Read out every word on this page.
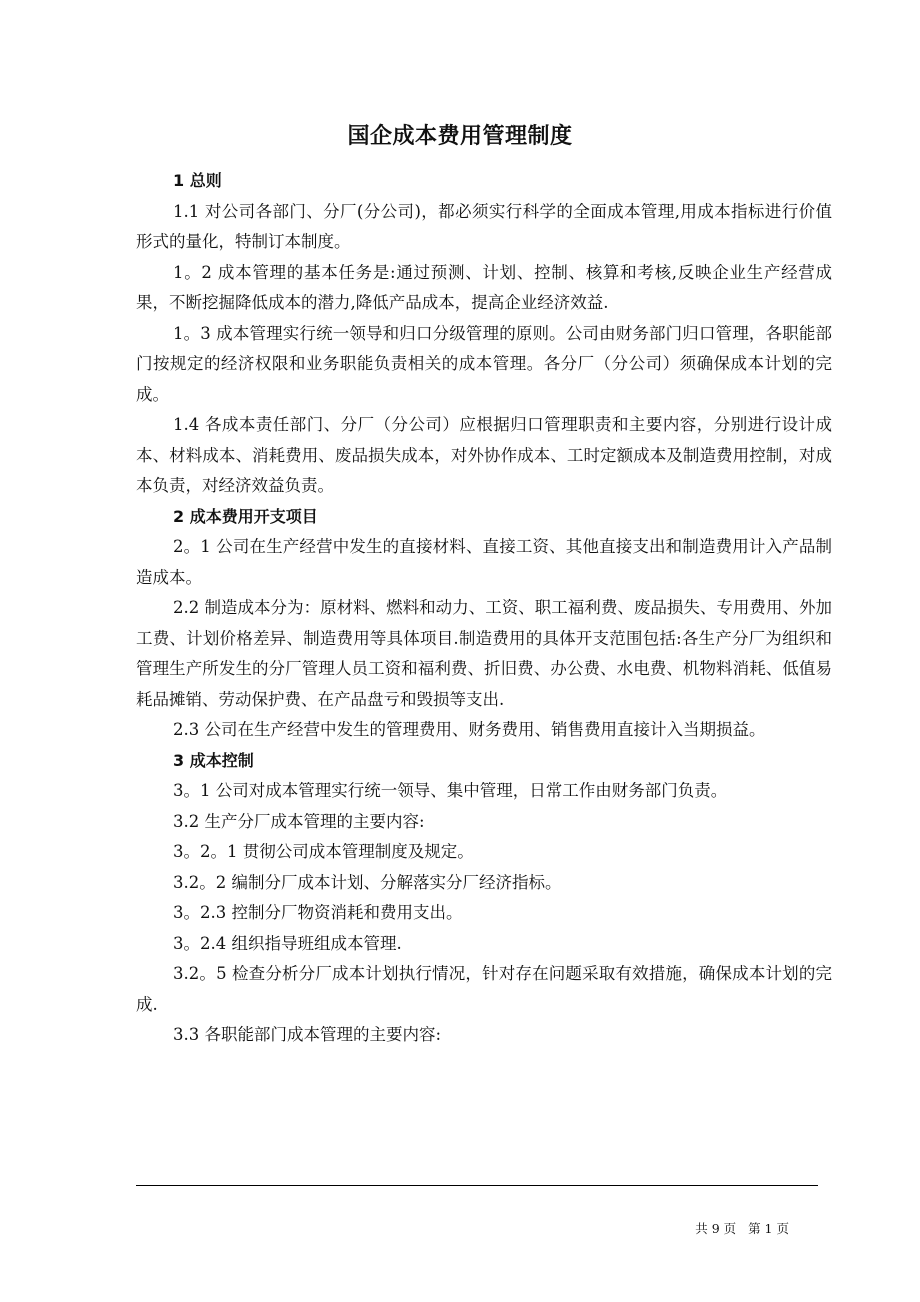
国企成本费用管理制度

1 总则

1.1 对公司各部门、分厂(分公司)，都必须实行科学的全面成本管理,用成本指标进行价值形式的量化，特制订本制度。

1。2 成本管理的基本任务是:通过预测、计划、控制、核算和考核,反映企业生产经营成果，不断挖掘降低成本的潜力,降低产品成本，提高企业经济效益.

1。3 成本管理实行统一领导和归口分级管理的原则。公司由财务部门归口管理，各职能部门按规定的经济权限和业务职能负责相关的成本管理。各分厂（分公司）须确保成本计划的完成。

1.4 各成本责任部门、分厂（分公司）应根据归口管理职责和主要内容，分别进行设计成本、材料成本、消耗费用、废品损失成本，对外协作成本、工时定额成本及制造费用控制，对成本负责，对经济效益负责。

2 成本费用开支项目

2。1 公司在生产经营中发生的直接材料、直接工资、其他直接支出和制造费用计入产品制造成本。

2.2 制造成本分为：原材料、燃料和动力、工资、职工福利费、废品损失、专用费用、外加工费、计划价格差异、制造费用等具体项目.制造费用的具体开支范围包括:各生产分厂为组织和管理生产所发生的分厂管理人员工资和福利费、折旧费、办公费、水电费、机物料消耗、低值易耗品摊销、劳动保护费、在产品盘亏和毁损等支出.

2.3 公司在生产经营中发生的管理费用、财务费用、销售费用直接计入当期损益。

3 成本控制

3。1 公司对成本管理实行统一领导、集中管理，日常工作由财务部门负责。

3.2 生产分厂成本管理的主要内容:

3。2。1 贯彻公司成本管理制度及规定。

3.2。2 编制分厂成本计划、分解落实分厂经济指标。

3。2.3 控制分厂物资消耗和费用支出。

3。2.4 组织指导班组成本管理.

3.2。5 检查分析分厂成本计划执行情况，针对存在问题采取有效措施，确保成本计划的完成.

3.3 各职能部门成本管理的主要内容:

共 9 页   第 1 页
